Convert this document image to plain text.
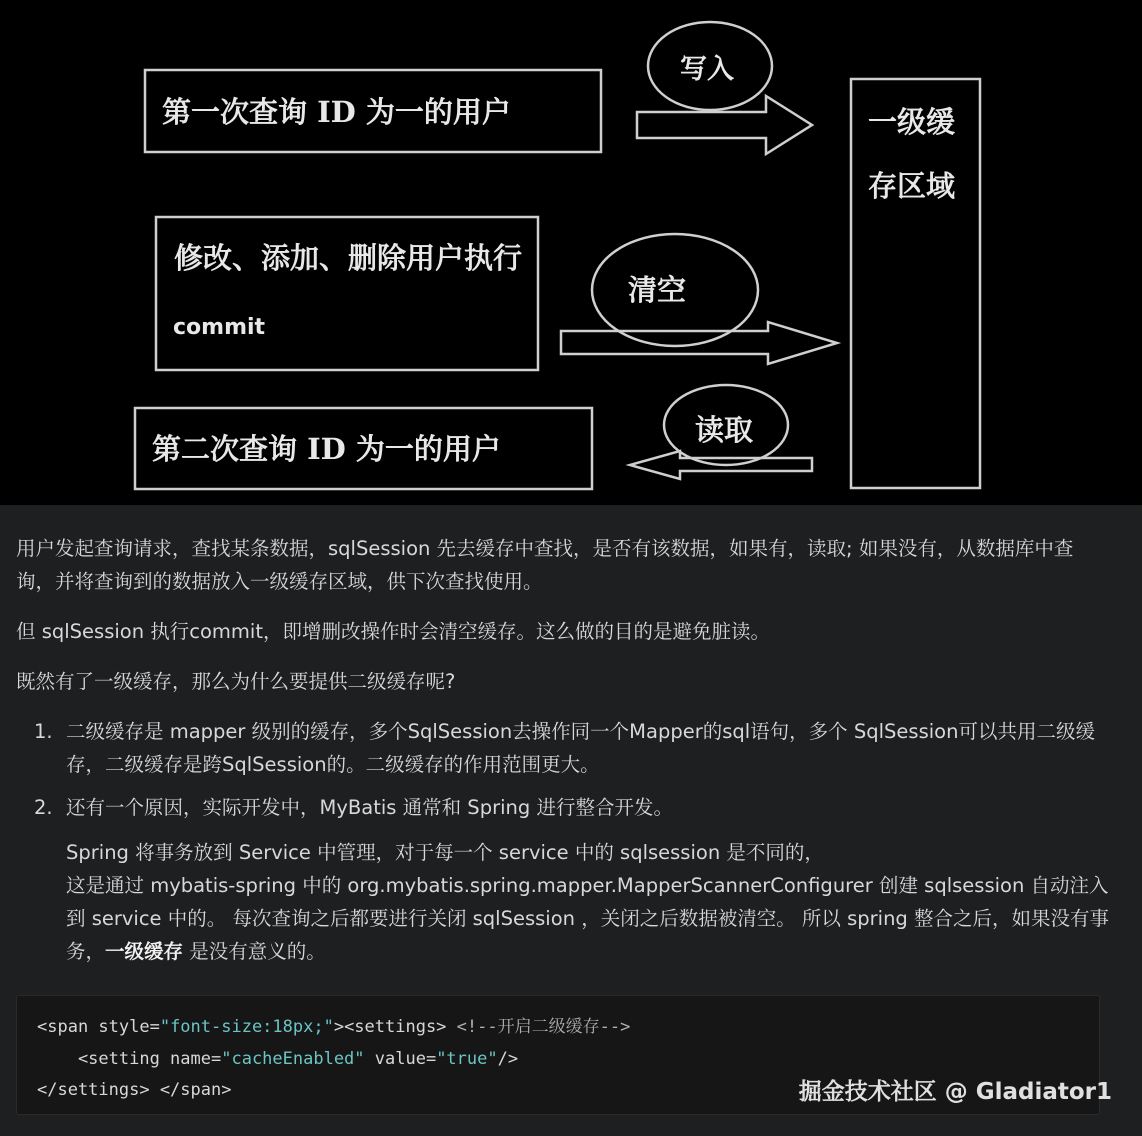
第一次查询 ID 为一的用户
写入
一级缓
存区域
修改、添加、删除用户执行
commit
清空
读取
第二次查询 ID 为一的用户

用户发起查询请求，查找某条数据，sqlSession 先去缓存中查找，是否有该数据，如果有，读取; 如果没有，从数据库中查询，并将查询到的数据放入一级缓存区域，供下次查找使用。

但 sqlSession 执行commit，即增删改操作时会清空缓存。这么做的目的是避免脏读。

既然有了一级缓存，那么为什么要提供二级缓存呢?

1. 二级缓存是 mapper 级别的缓存，多个SqlSession去操作同一个Mapper的sql语句，多个 SqlSession可以共用二级缓存，二级缓存是跨SqlSession的。二级缓存的作用范围更大。

2. 还有一个原因，实际开发中，MyBatis 通常和 Spring 进行整合开发。

Spring 将事务放到 Service 中管理，对于每一个 service 中的 sqlsession 是不同的，
这是通过 mybatis-spring 中的 org.mybatis.spring.mapper.MapperScannerConfigurer 创建 sqlsession 自动注入到 service 中的。 每次查询之后都要进行关闭 sqlSession ，关闭之后数据被清空。 所以 spring 整合之后，如果没有事务，一级缓存 是没有意义的。
<span style="font-size:18px;"><settings> <!--开启二级缓存-->
<setting name="cacheEnabled" value="true"/>
</settings> </span>	掘金技术社区 @ Gladiator1
